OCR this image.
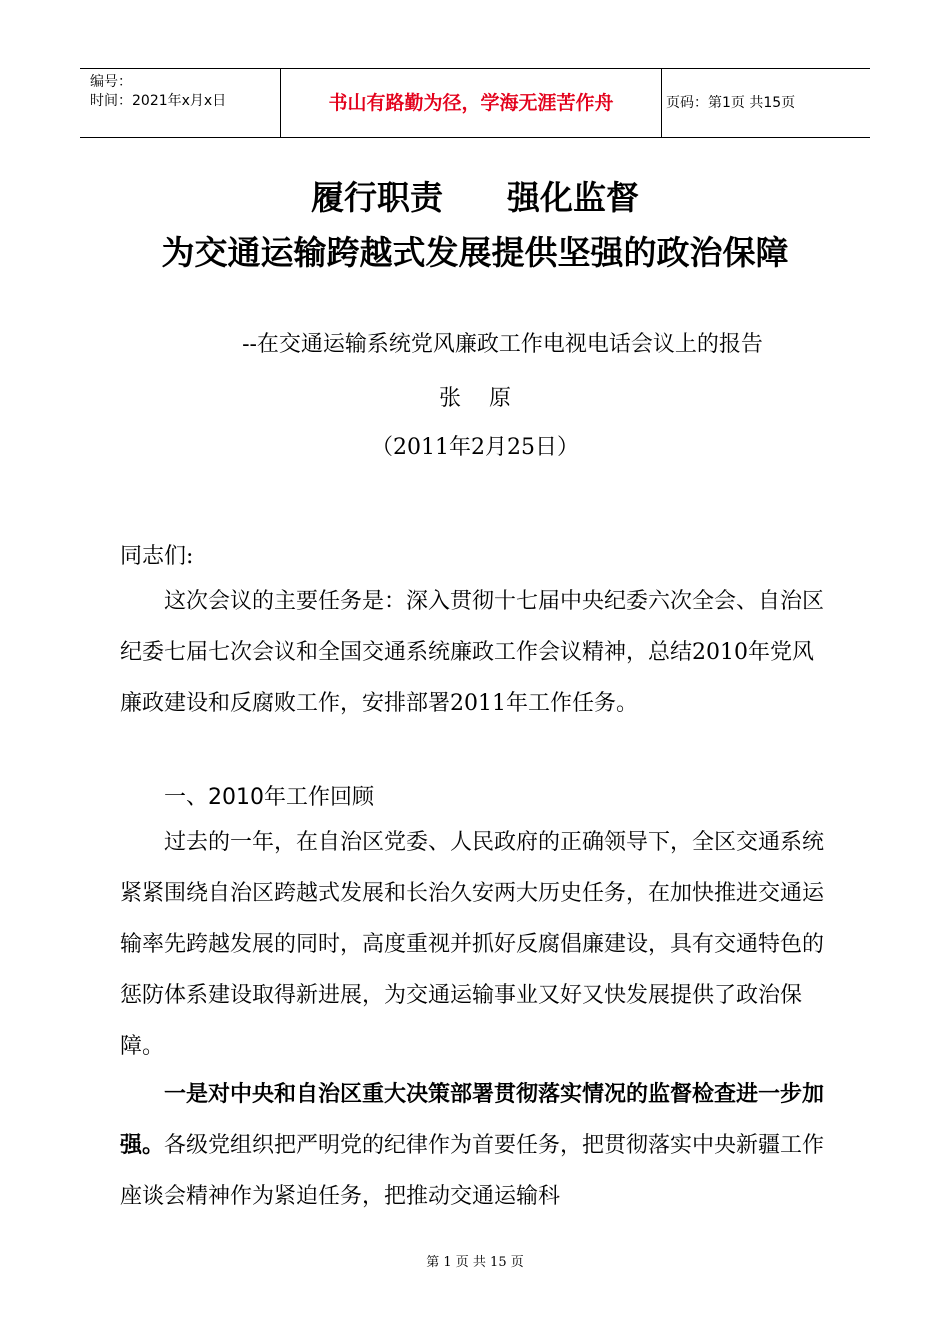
编号：
时间：2021年x月x日	书山有路勤为径，学海无涯苦作舟	页码：第1页 共15页
履行职责 强化监督
为交通运输跨越式发展提供坚强的政治保障
--在交通运输系统党风廉政工作电视电话会议上的报告
张    原
（2011年2月25日）
同志们:
这次会议的主要任务是：深入贯彻十七届中央纪委六次全会、自治区纪委七届七次会议和全国交通系统廉政工作会议精神，总结2010年党风廉政建设和反腐败工作，安排部署2011年工作任务。
一、2010年工作回顾
过去的一年，在自治区党委、人民政府的正确领导下，全区交通系统紧紧围绕自治区跨越式发展和长治久安两大历史任务，在加快推进交通运输率先跨越发展的同时，高度重视并抓好反腐倡廉建设，具有交通特色的惩防体系建设取得新进展，为交通运输事业又好又快发展提供了政治保障。
一是对中央和自治区重大决策部署贯彻落实情况的监督检查进一步加强。各级党组织把严明党的纪律作为首要任务，把贯彻落实中央新疆工作座谈会精神作为紧迫任务，把推动交通运输科
第 1 页 共 15 页
